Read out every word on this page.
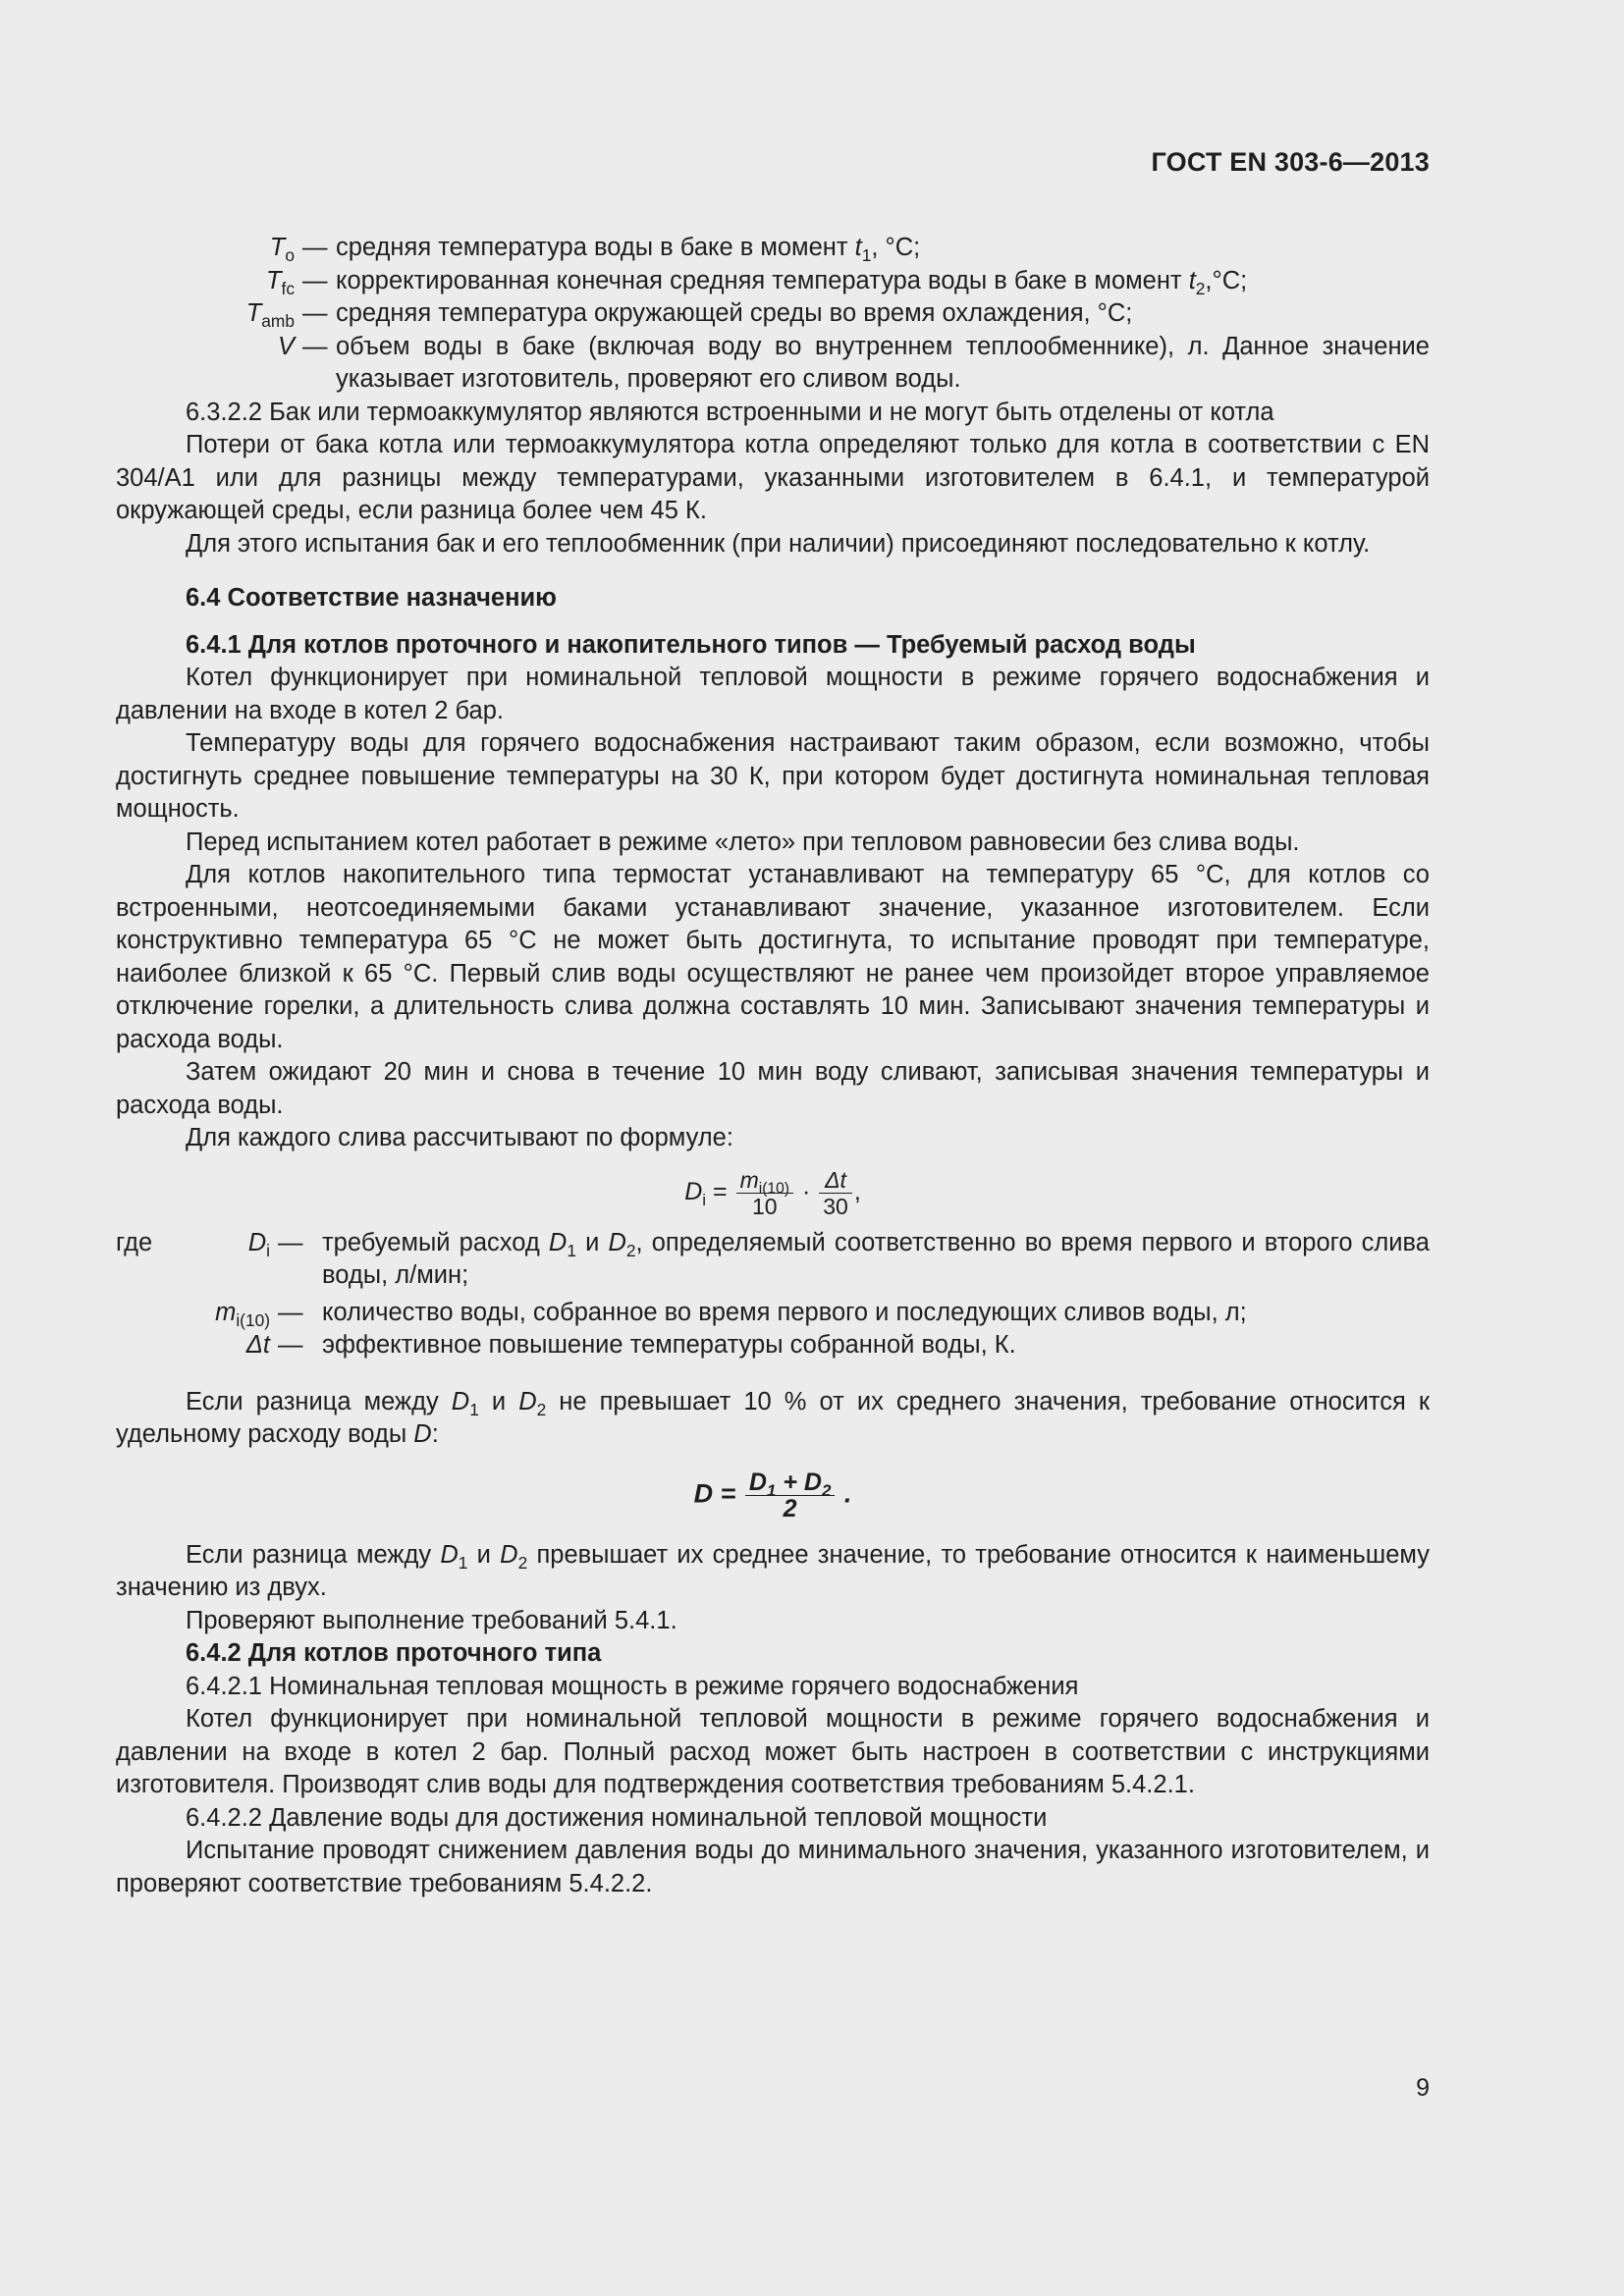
ГОСТ EN 303-6—2013
$T_o$ — средняя температура воды в баке в момент $t_1$, °C;
$T_{fc}$ — корректированная конечная средняя температура воды в баке в момент $t_2,^\circ C$;
$T_{amb}$ — средняя температура окружающей среды во время охлаждения, °C;
V — объем воды в баке (включая воду во внутреннем теплообменнике), л. Данное значение указывает изготовитель, проверяют его сливом воды.

6.3.2.2 Бак или термоаккумулятор являются встроенными и не могут быть отделены от котла

Потери от бака котла или термоаккумулятора котла определяют только для котла в соответствии с EN 304/A1 или для разницы между температурами, указанными изготовителем в 6.4.1, и температурой окружающей среды, если разница более чем 45 К.

Для этого испытания бак и его теплообменник (при наличии) присоединяют последовательно к котлу.

6.4 Соответствие назначению

6.4.1 Для котлов проточного и накопительного типов — Требуемый расход воды

Котел функционирует при номинальной тепловой мощности в режиме горячего водоснабжения и давлении на входе в котел 2 бар.

Температуру воды для горячего водоснабжения настраивают таким образом, если возможно, чтобы достигнуть среднее повышение температуры на 30 К, при котором будет достигнута номинальная тепловая мощность.

Перед испытанием котел работает в режиме «лето» при тепловом равновесии без слива воды.

Для котлов накопительного типа термостат устанавливают на температуру 65 °C, для котлов со встроенными, неотсоединяемыми баками устанавливают значение, указанное изготовителем. Если конструктивно температура 65 °C не может быть достигнута, то испытание проводят при температуре, наиболее близкой к 65 °C. Первый слив воды осуществляют не ранее чем произойдет второе управляемое отключение горелки, а длительность слива должна составлять 10 мин. Записывают значения температуры и расхода воды.

Затем ожидают 20 мин и снова в течение 10 мин воду сливают, записывая значения температуры и расхода воды.

Для каждого слива рассчитывают по формуле:

$D_i = \frac{m_{i(10)}}{10} \cdot \frac{\Delta t}{30}$ ,
где	$D_i$ — требуемый расход $D_1$ и $D_2$, определяемый соответственно во время первого и второго слива воды, л/мин;
$m_{i(10)}$ — количество воды, собранное во время первого и последующих сливов воды, л;
Δt — эффективное повышение температуры собранной воды, К.

Если разница между $D_1$ и $D_2$ не превышает 10 % от их среднего значения, требование относится к удельному расходу воды D:

$D = \frac{D_1 + D_2}{2}$ .

Если разница между $D_1$ и $D_2$ превышает их среднее значение, то требование относится к наименьшему значению из двух.

Проверяют выполнение требований 5.4.1.

6.4.2 Для котлов проточного типа

6.4.2.1 Номинальная тепловая мощность в режиме горячего водоснабжения

Котел функционирует при номинальной тепловой мощности в режиме горячего водоснабжения и давлении на входе в котел 2 бар. Полный расход может быть настроен в соответствии с инструкциями изготовителя. Производят слив воды для подтверждения соответствия требованиям 5.4.2.1.

6.4.2.2 Давление воды для достижения номинальной тепловой мощности

Испытание проводят снижением давления воды до минимального значения, указанного изготовителем, и проверяют соответствие требованиям 5.4.2.2.

9
